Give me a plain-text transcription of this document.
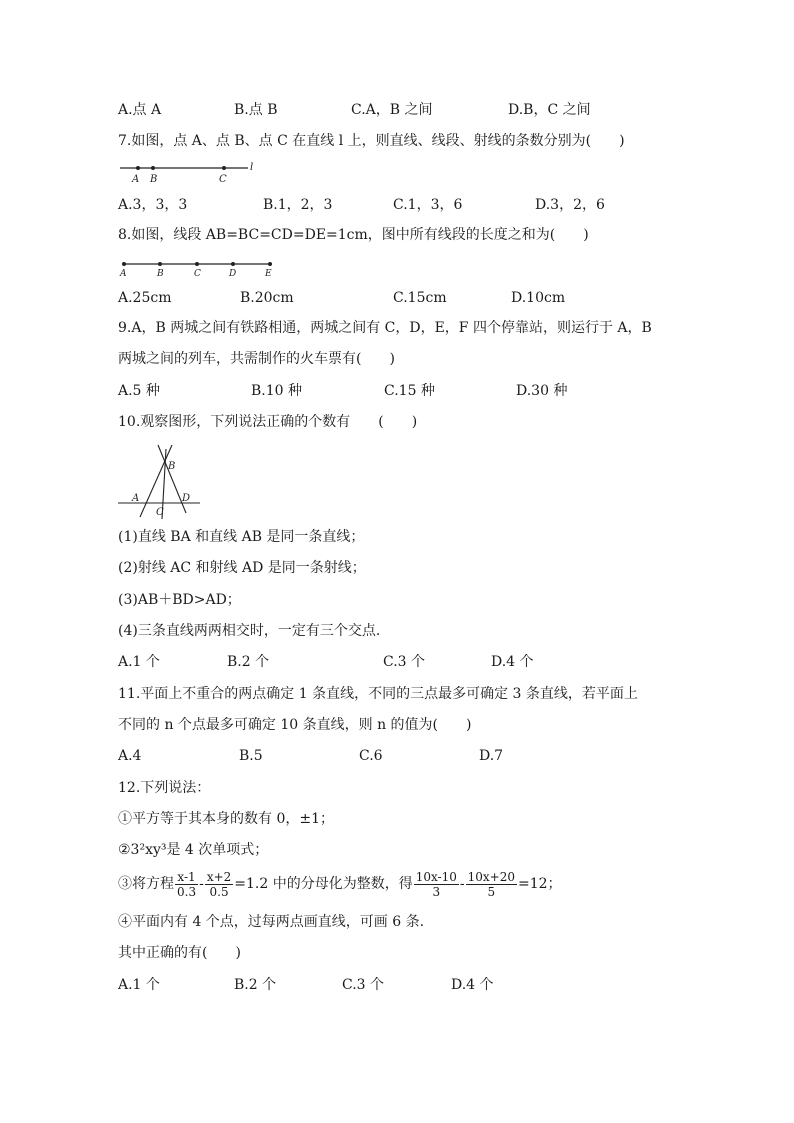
A.点 A	B.点 B	C.A，B 之间	D.B，C 之间
7.如图，点 A、点 B、点 C 在直线 l 上，则直线、线段、射线的条数分别为(　　)
A B	C
l
A.3，3，3	B.1，2，3	C.1，3，6	D.3，2，6
8.如图，线段 AB=BC=CD=DE=1cm，图中所有线段的长度之和为(　　)
A	B	C	D	E
A.25cm	B.20cm	C.15cm	D.10cm
9.A，B 两城之间有铁路相通，两城之间有 C，D，E，F 四个停靠站，则运行于 A，B
两城之间的列车，共需制作的火车票有(　　)
A.5 种	B.10 种	C.15 种	D.30 种
10.观察图形，下列说法正确的个数有　　(　　)
B
A
C
D
(1)直线 BA 和直线 AB 是同一条直线；
(2)射线 AC 和射线 AD 是同一条射线；
(3)AB＋BD>AD；
(4)三条直线两两相交时，一定有三个交点.
A.1 个	B.2 个	C.3 个	D.4 个
11.平面上不重合的两点确定 1 条直线，不同的三点最多可确定 3 条直线，若平面上
不同的 n 个点最多可确定 10 条直线，则 n 的值为(　　)
A.4	B.5	C.6	D.7
12.下列说法：
①平方等于其本身的数有 0，±1；
②3²xy³是 4 次单项式；
③将方程 $\frac{x-1}{0.3} - \frac{x+2}{0.5} =1.2$ 中的分母化为整数，得 $\frac{10x-10}{3} - \frac{10x+20}{5} =12$；
④平面内有 4 个点，过每两点画直线，可画 6 条.
其中正确的有(　　)
A.1 个	B.2 个	C.3 个	D.4 个
